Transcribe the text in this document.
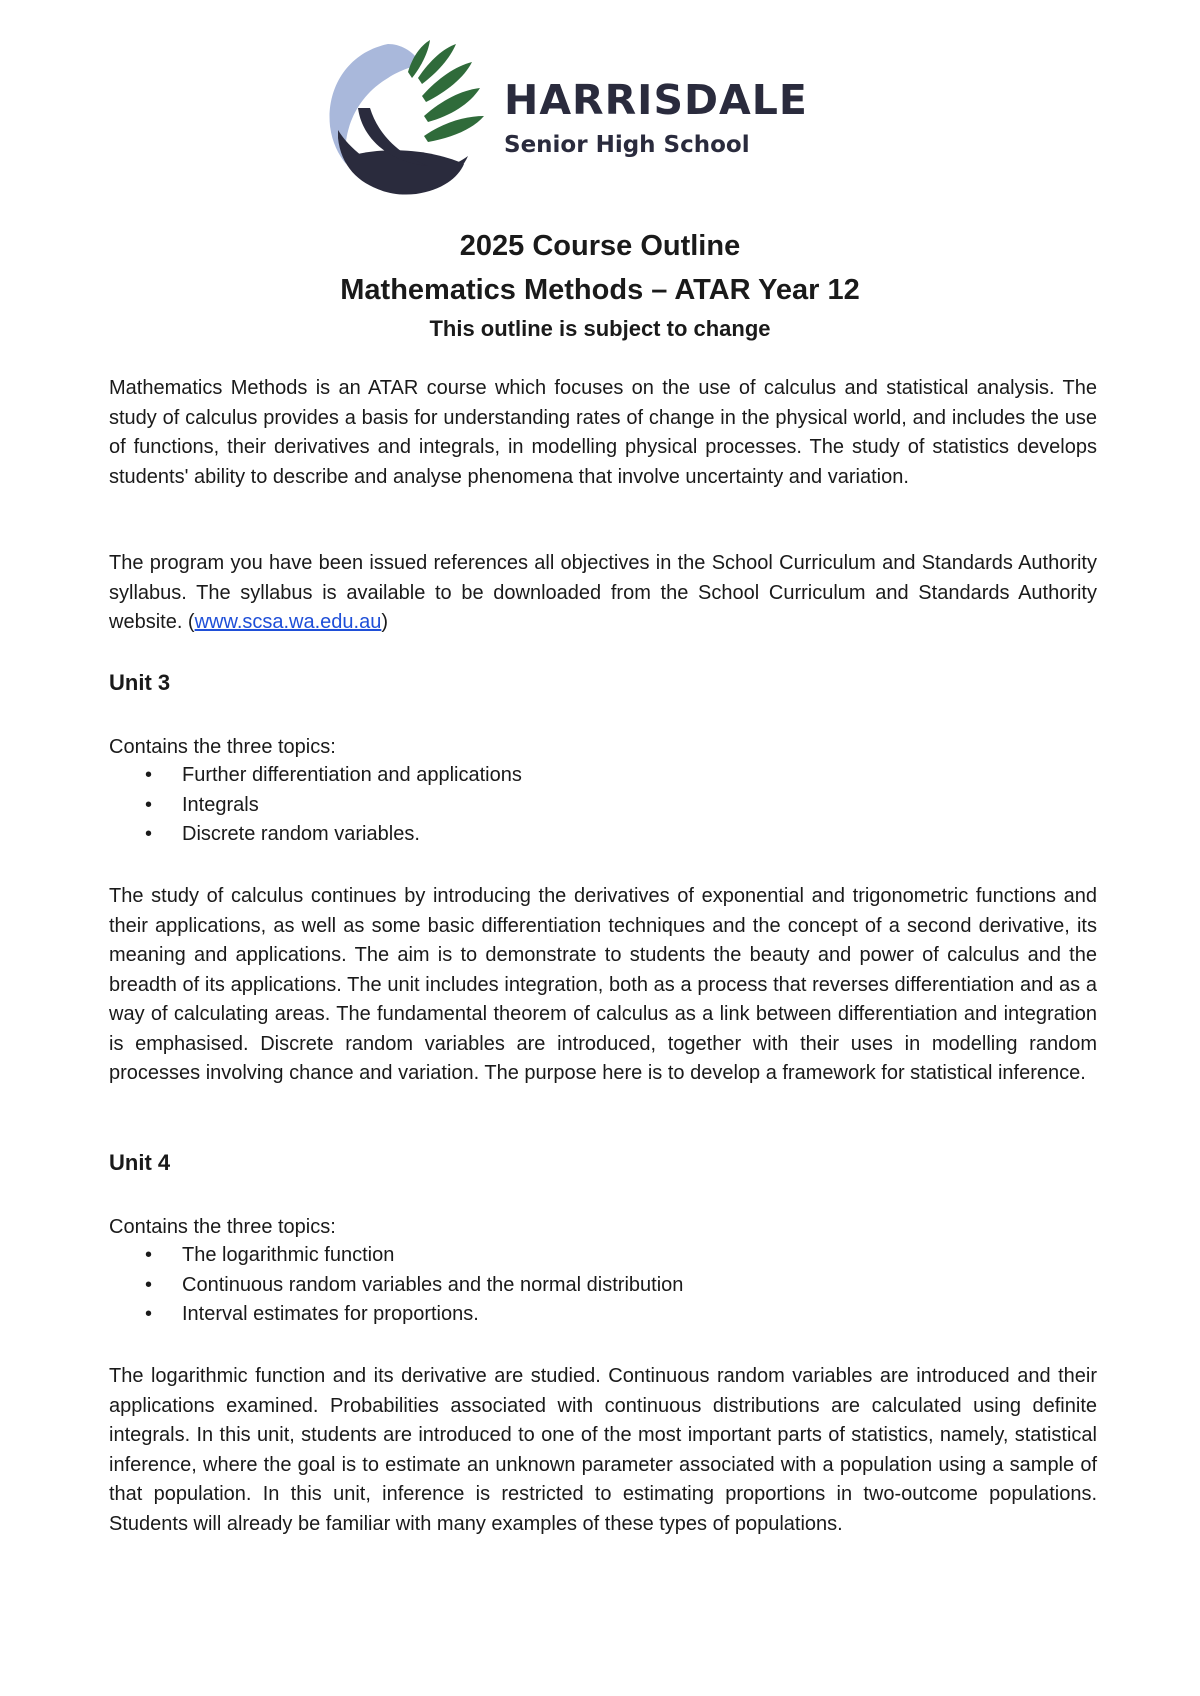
HARRISDALE
Senior High School
2025 Course Outline
Mathematics Methods – ATAR Year 12
This outline is subject to change

Mathematics Methods is an ATAR course which focuses on the use of calculus and statistical analysis. The study of calculus provides a basis for understanding rates of change in the physical world, and includes the use of functions, their derivatives and integrals, in modelling physical processes. The study of statistics develops students' ability to describe and analyse phenomena that involve uncertainty and variation.

The program you have been issued references all objectives in the School Curriculum and Standards Authority syllabus. The syllabus is available to be downloaded from the School Curriculum and Standards Authority website. (www.scsa.wa.edu.au)

Unit 3
Contains the three topics:
• Further differentiation and applications
• Integrals
• Discrete random variables.

The study of calculus continues by introducing the derivatives of exponential and trigonometric functions and their applications, as well as some basic differentiation techniques and the concept of a second derivative, its meaning and applications. The aim is to demonstrate to students the beauty and power of calculus and the breadth of its applications. The unit includes integration, both as a process that reverses differentiation and as a way of calculating areas. The fundamental theorem of calculus as a link between differentiation and integration is emphasised. Discrete random variables are introduced, together with their uses in modelling random processes involving chance and variation. The purpose here is to develop a framework for statistical inference.

Unit 4
Contains the three topics:
• The logarithmic function
• Continuous random variables and the normal distribution
• Interval estimates for proportions.

The logarithmic function and its derivative are studied. Continuous random variables are introduced and their applications examined. Probabilities associated with continuous distributions are calculated using definite integrals. In this unit, students are introduced to one of the most important parts of statistics, namely, statistical inference, where the goal is to estimate an unknown parameter associated with a population using a sample of that population. In this unit, inference is restricted to estimating proportions in two-outcome populations. Students will already be familiar with many examples of these types of populations.
